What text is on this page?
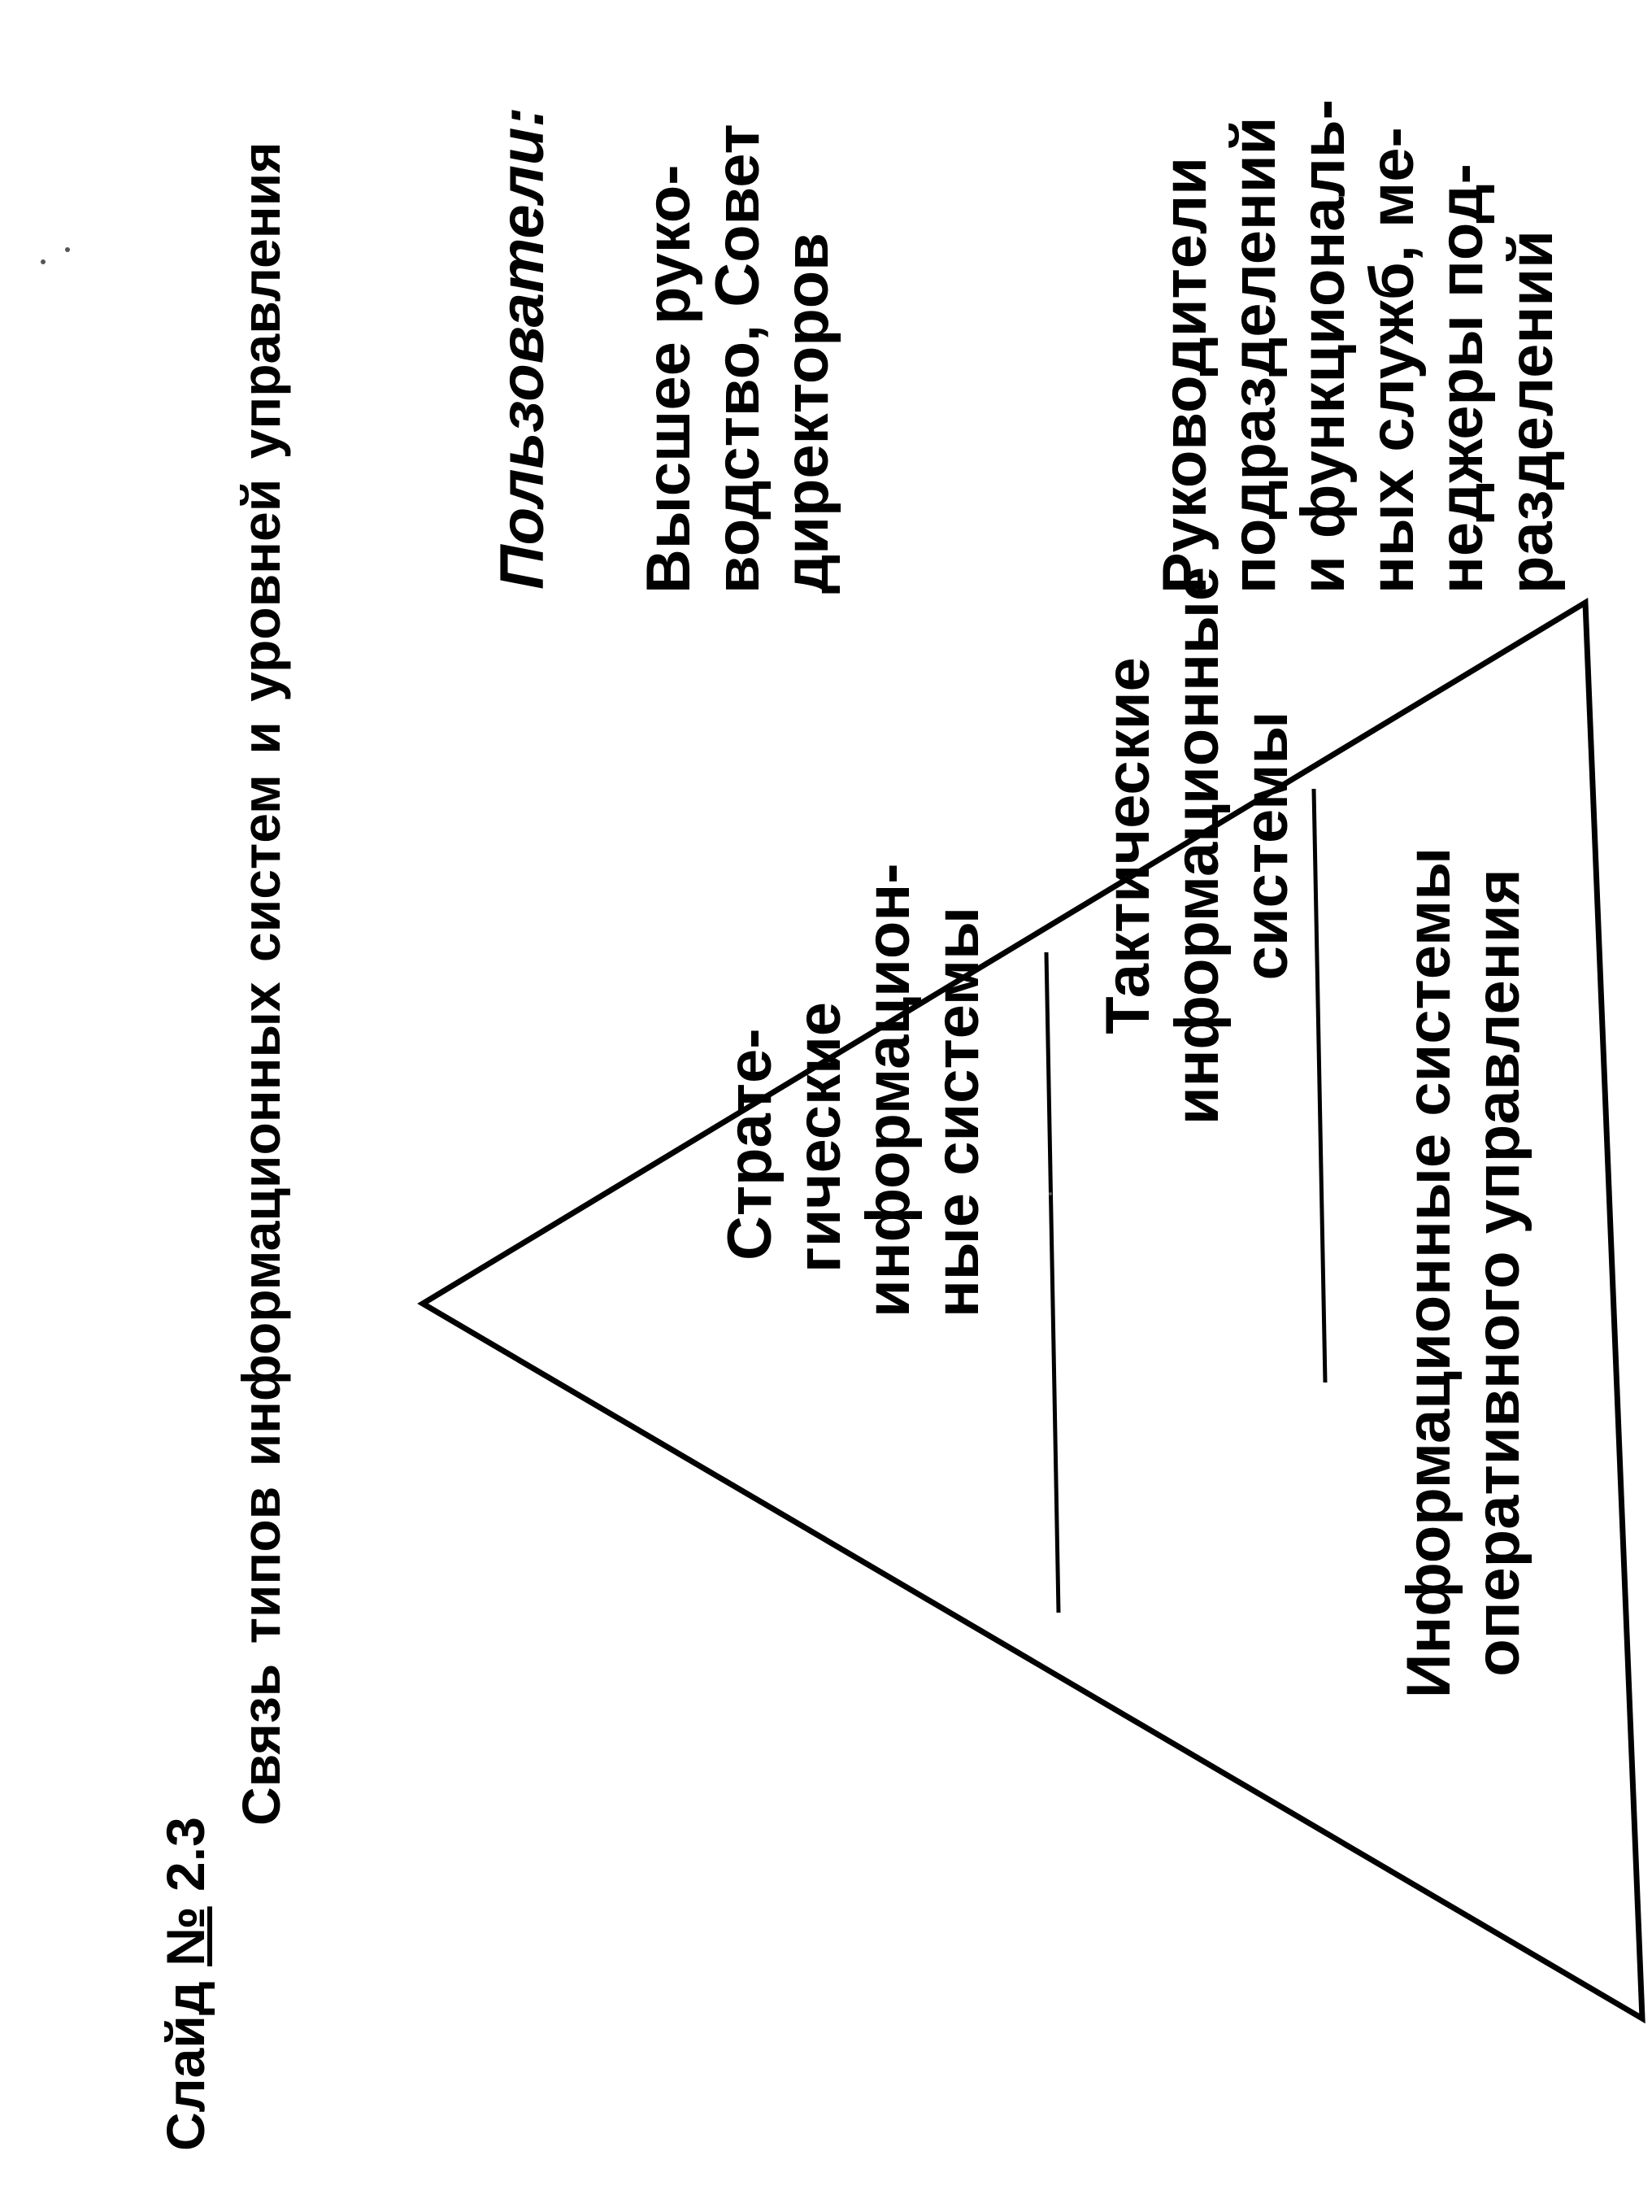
Слайд № 2.3
Связь типов информационных систем и уровней управления	Страте- гические информацион- ные системы
Тактические информационные системы
Информационные системы оперативного управления
Пользователи: Высшее руко- водство, Совет директоров	Руководители подразделений и функциональ- ных служб, ме- неджеры под- разделений
